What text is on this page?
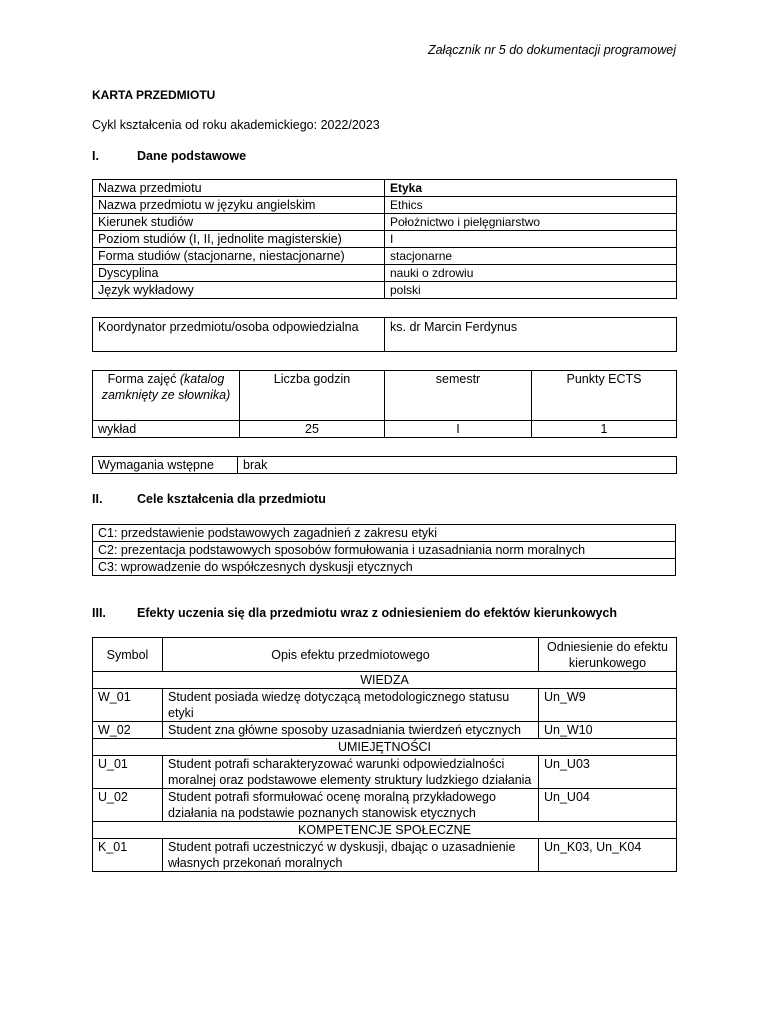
Załącznik nr 5 do dokumentacji programowej
KARTA PRZEDMIOTU
Cykl kształcenia od roku akademickiego: 2022/2023
I.	Dane podstawowe
Nazwa przedmiotu	Etyka
Nazwa przedmiotu w języku angielskim	Ethics
Kierunek studiów	Położnictwo i pielęgniarstwo
Poziom studiów (I, II, jednolite magisterskie)	I
Forma studiów (stacjonarne, niestacjonarne)	stacjonarne
Dyscyplina	nauki o zdrowiu
Język wykładowy	polski
Koordynator przedmiotu/osoba odpowiedzialna	ks. dr Marcin Ferdynus
Forma zajęć (katalog zamknięty ze słownika)	Liczba godzin	semestr	Punkty ECTS
wykład	25	I	1
Wymagania wstępne	brak
II.	Cele kształcenia dla przedmiotu
C1: przedstawienie podstawowych zagadnień z zakresu etyki
C2: prezentacja podstawowych sposobów formułowania i uzasadniania norm moralnych
C3: wprowadzenie do współczesnych dyskusji etycznych
III. Efekty uczenia się dla przedmiotu wraz z odniesieniem do efektów kierunkowych
Symbol	Opis efektu przedmiotowego	Odniesienie do efektu kierunkowego
WIEDZA		
W_01	Student posiada wiedzę dotyczącą metodologicznego statusu etyki	Un_W9
W_02	Student zna główne sposoby uzasadniania twierdzeń etycznych	Un_W10
UMIEJĘTNOŚCI		
U_01	Student potrafi scharakteryzować warunki odpowiedzialności moralnej oraz podstawowe elementy struktury ludzkiego działania	Un_U03
U_02	Student potrafi sformułować ocenę moralną przykładowego działania na podstawie poznanych stanowisk etycznych	Un_U04
KOMPETENCJE SPOŁECZNE		
K_01	Student potrafi uczestniczyć w dyskusji, dbając o uzasadnienie własnych przekonań moralnych	Un_K03, Un_K04
